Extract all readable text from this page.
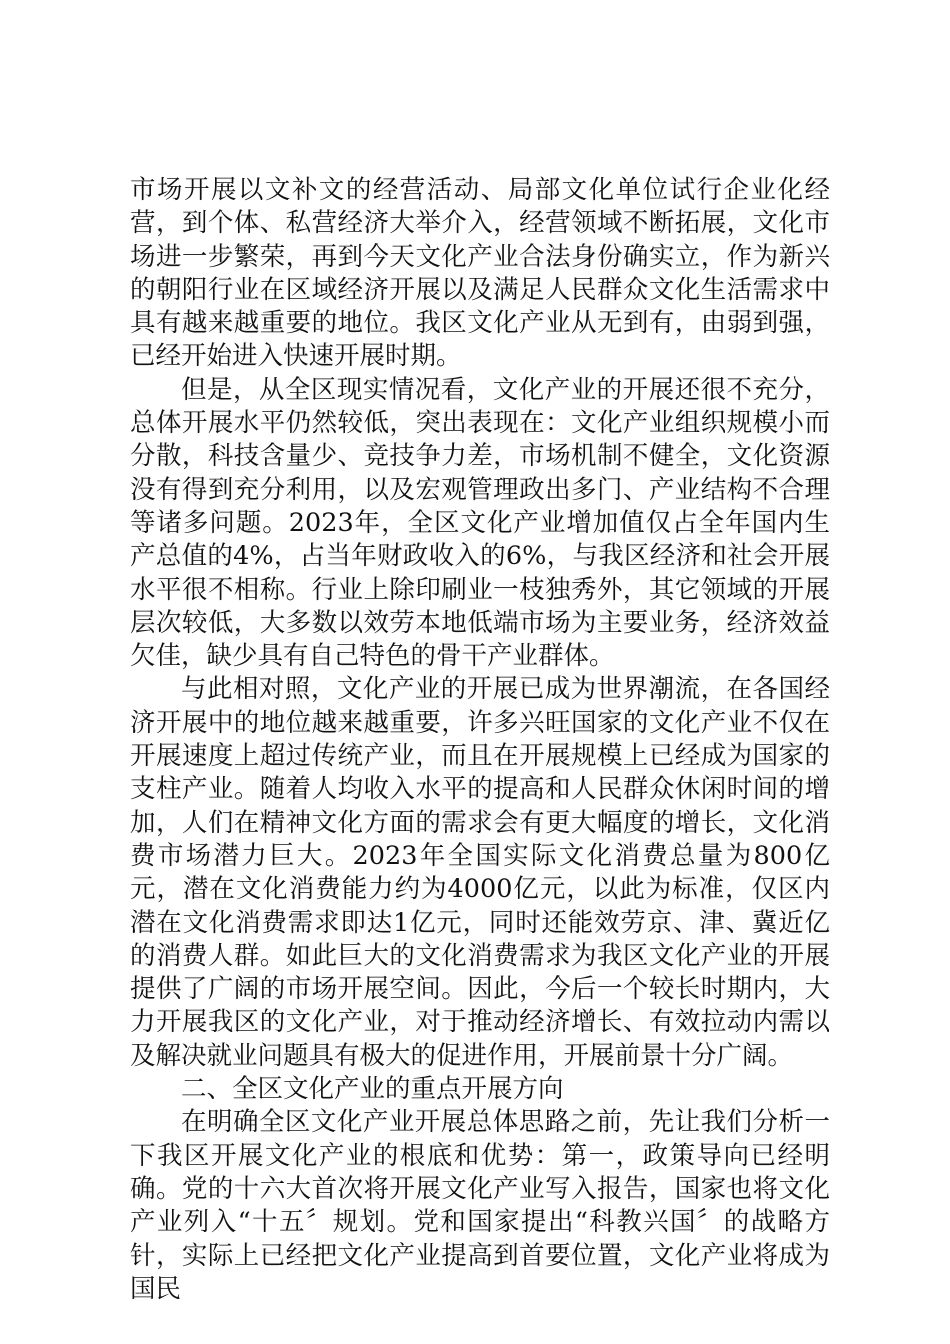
市场开展以文补文的经营活动、局部文化单位试行企业化经营，到个体、私营经济大举介入，经营领域不断拓展，文化市场进一步繁荣，再到今天文化产业合法身份确实立，作为新兴的朝阳行业在区域经济开展以及满足人民群众文化生活需求中具有越来越重要的地位。我区文化产业从无到有，由弱到强，已经开始进入快速开展时期。

但是，从全区现实情况看，文化产业的开展还很不充分，总体开展水平仍然较低，突出表现在：文化产业组织规模小而分散，科技含量少、竞技争力差，市场机制不健全，文化资源没有得到充分利用，以及宏观管理政出多门、产业结构不合理等诸多问题。2023年，全区文化产业增加值仅占全年国内生产总值的4%，占当年财政收入的6%，与我区经济和社会开展水平很不相称。行业上除印刷业一枝独秀外，其它领域的开展层次较低，大多数以效劳本地低端市场为主要业务，经济效益欠佳，缺少具有自己特色的骨干产业群体。

与此相对照，文化产业的开展已成为世界潮流，在各国经济开展中的地位越来越重要，许多兴旺国家的文化产业不仅在开展速度上超过传统产业，而且在开展规模上已经成为国家的支柱产业。随着人均收入水平的提高和人民群众休闲时间的增加，人们在精神文化方面的需求会有更大幅度的增长，文化消费市场潜力巨大。2023年全国实际文化消费总量为800亿元，潜在文化消费能力约为4000亿元，以此为标准，仅区内潜在文化消费需求即达1亿元，同时还能效劳京、津、冀近亿的消费人群。如此巨大的文化消费需求为我区文化产业的开展提供了广阔的市场开展空间。因此，今后一个较长时期内，大力开展我区的文化产业，对于推动经济增长、有效拉动内需以及解决就业问题具有极大的促进作用，开展前景十分广阔。

二、全区文化产业的重点开展方向

在明确全区文化产业开展总体思路之前，先让我们分析一下我区开展文化产业的根底和优势：第一，政策导向已经明确。党的十六大首次将开展文化产业写入报告，国家也将文化产业列入“十五〞规划。党和国家提出“科教兴国〞的战略方针，实际上已经把文化产业提高到首要位置，文化产业将成为国民
